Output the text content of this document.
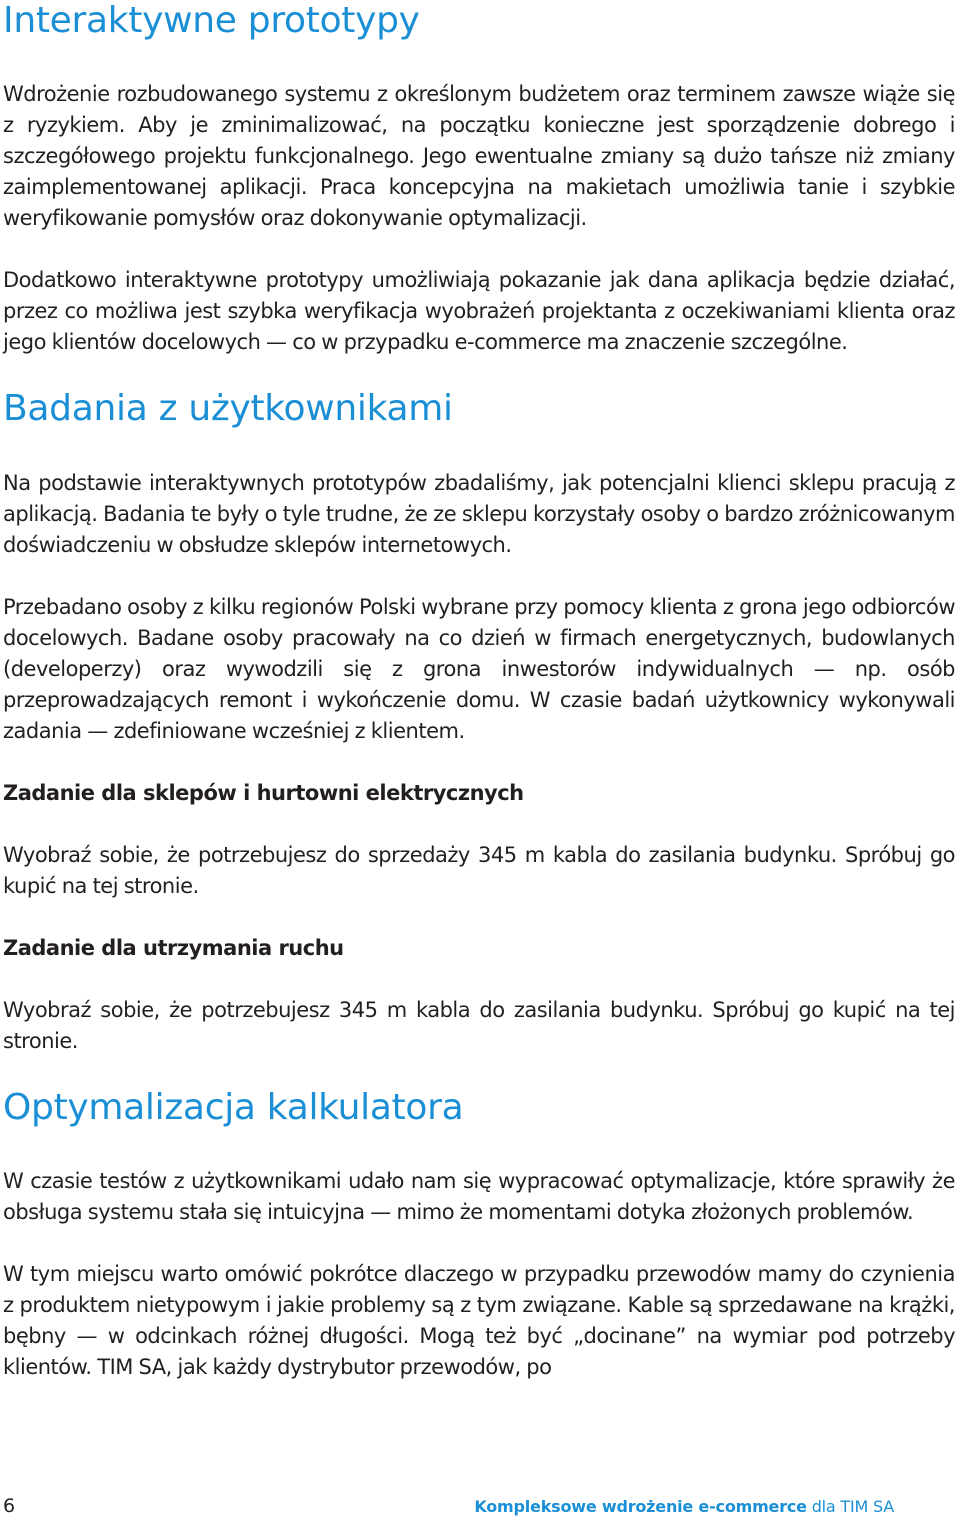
Interaktywne prototypy

Wdrożenie rozbudowanego systemu z określonym budżetem oraz terminem zawsze wiąże się z ryzykiem. Aby je zminimalizować, na początku konieczne jest sporządzenie dobrego i szczegółowego projektu funkcjonalnego. Jego ewentualne zmiany są dużo tańsze niż zmiany zaimplementowanej aplikacji. Praca koncepcyjna na makietach umożliwia tanie i szybkie weryfikowanie pomysłów oraz dokonywanie optymalizacji.

Dodatkowo interaktywne prototypy umożliwiają pokazanie jak dana aplikacja będzie działać, przez co możliwa jest szybka weryfikacja wyobrażeń projektanta z oczekiwaniami klienta oraz jego klientów docelowych — co w przypadku e-commerce ma znaczenie szczególne.

Badania z użytkownikami

Na podstawie interaktywnych prototypów zbadaliśmy, jak potencjalni klienci sklepu pracują z aplikacją. Badania te były o tyle trudne, że ze sklepu korzystały osoby o bardzo zróżnicowanym doświadczeniu w obsłudze sklepów internetowych.

Przebadano osoby z kilku regionów Polski wybrane przy pomocy klienta z grona jego odbiorców docelowych. Badane osoby pracowały na co dzień w firmach energetycznych, budowlanych (developerzy) oraz wywodzili się z grona inwestorów indywidualnych — np. osób przeprowadzających remont i wykończenie domu. W czasie badań użytkownicy wykonywali zadania — zdefiniowane wcześniej z klientem.

Zadanie dla sklepów i hurtowni elektrycznych

Wyobraź sobie, że potrzebujesz do sprzedaży 345 m kabla do zasilania budynku. Spróbuj go kupić na tej stronie.

Zadanie dla utrzymania ruchu

Wyobraź sobie, że potrzebujesz 345 m kabla do zasilania budynku. Spróbuj go kupić na tej stronie.

Optymalizacja kalkulatora

W czasie testów z użytkownikami udało nam się wypracować optymalizacje, które sprawiły że obsługa systemu stała się intuicyjna — mimo że momentami dotyka złożonych problemów.

W tym miejscu warto omówić pokrótce dlaczego w przypadku przewodów mamy do czynienia z produktem nietypowym i jakie problemy są z tym związane. Kable są sprzedawane na krążki, bębny — w odcinkach różnej długości. Mogą też być „docinane” na wymiar pod potrzeby klientów. TIM SA, jak każdy dystrybutor przewodów, po

6	Kompleksowe wdrożenie e-commerce dla TIM SA
